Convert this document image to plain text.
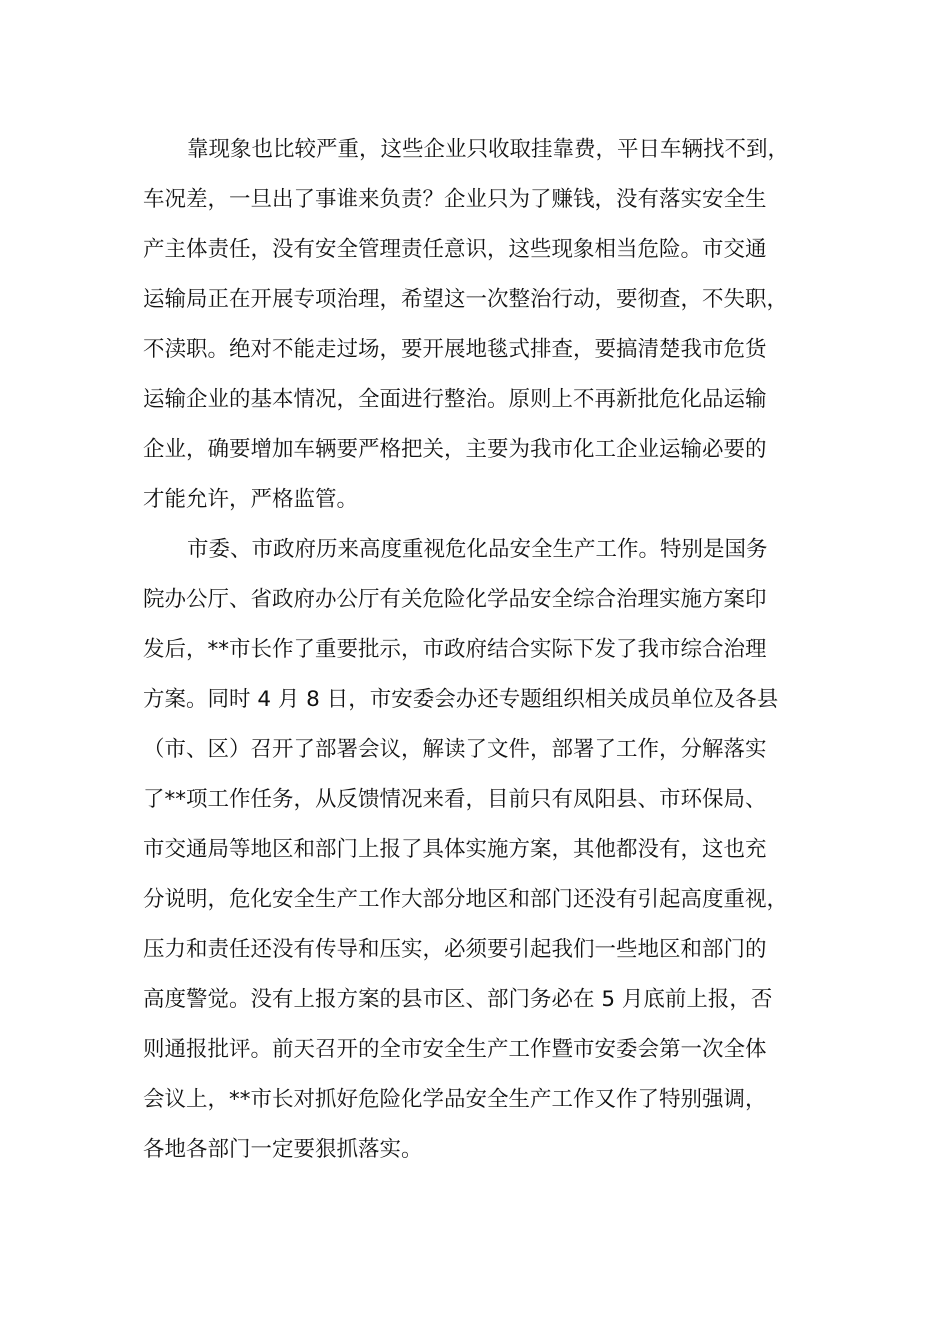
靠现象也比较严重，这些企业只收取挂靠费，平日车辆找不到，

车况差，一旦出了事谁来负责？企业只为了赚钱，没有落实安全生

产主体责任，没有安全管理责任意识，这些现象相当危险。市交通

运输局正在开展专项治理，希望这一次整治行动，要彻查，不失职，

不渎职。绝对不能走过场，要开展地毯式排查，要搞清楚我市危货

运输企业的基本情况，全面进行整治。原则上不再新批危化品运输

企业，确要增加车辆要严格把关，主要为我市化工企业运输必要的

才能允许，严格监管。

市委、市政府历来高度重视危化品安全生产工作。特别是国务

院办公厅、省政府办公厅有关危险化学品安全综合治理实施方案印

发后，**市长作了重要批示，市政府结合实际下发了我市综合治理

方案。同时 4 月 8 日，市安委会办还专题组织相关成员单位及各县

（市、区）召开了部署会议，解读了文件，部署了工作，分解落实

了**项工作任务，从反馈情况来看，目前只有凤阳县、市环保局、

市交通局等地区和部门上报了具体实施方案，其他都没有，这也充

分说明，危化安全生产工作大部分地区和部门还没有引起高度重视，

压力和责任还没有传导和压实，必须要引起我们一些地区和部门的

高度警觉。没有上报方案的县市区、部门务必在 5 月底前上报，否

则通报批评。前天召开的全市安全生产工作暨市安委会第一次全体

会议上，**市长对抓好危险化学品安全生产工作又作了特别强调，

各地各部门一定要狠抓落实。
